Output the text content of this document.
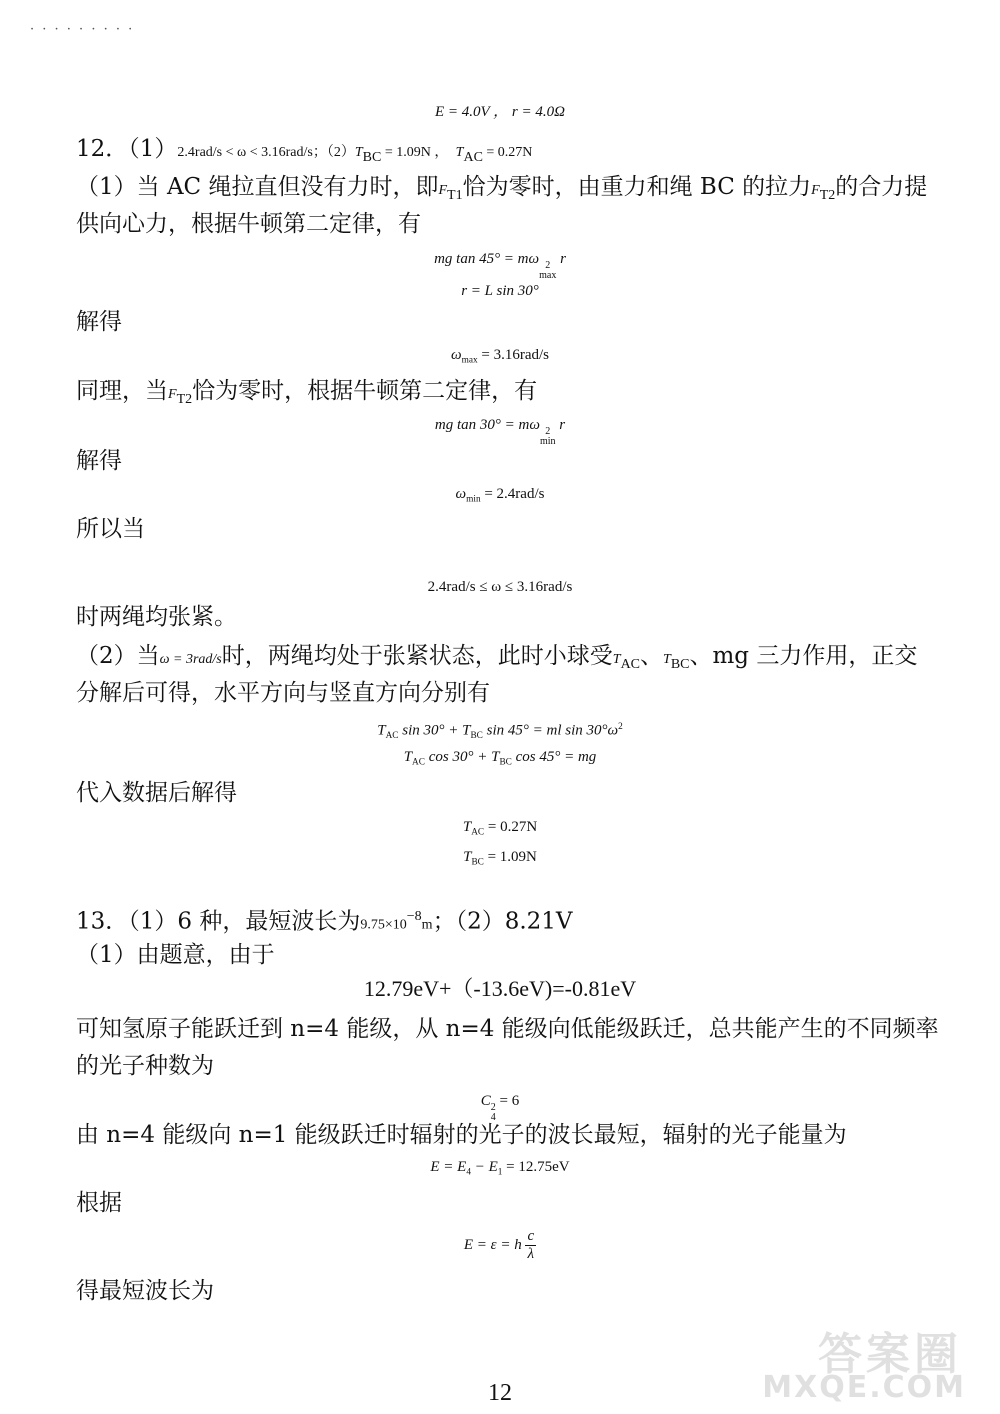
· · · · · · · · ·
E = 4.0V ， r = 4.0Ω
12．（1）2.4rad/s < ω < 3.16rad/s；$(2)T_{BC} = 1.09N$ ， $T_{AC} = 0.27N$
（1）当 AC 绳拉直但没有力时，即$F_{T1}$恰为零时，由重力和绳 BC 的拉力$F_{T2}$的合力提
供向心力，根据牛顿第二定律，有
mg tan 45° = mω 2
max
r
r = L sin 30°
解得
$\omega_{max} = 3.16rad/s$
同理，当$F_{T2}$恰为零时，根据牛顿第二定律，有
mg tan 30° = mω 2
min
r
解得
$\omega_{min} = 2.4rad/s$
所以当
2.4rad/s ≤ ω ≤ 3.16rad/s
时两绳均张紧。
（2）当ω = 3rad/s时，两绳均处于张紧状态，此时小球受$T_{AC}$、$T_{BC}$、mg 三力作用，正交
分解后可得，水平方向与竖直方向分别有
$T_{AC}$ $\sin 30^\circ + T_{BC}$ sin 45° = ml $\sin 30^\circ\omega^2$
$T_{AC}$ $\cos 30^\circ + T_{BC}$ cos 45° = mg
代入数据后解得
$T_{AC} = 0.27N$
$T_{BC} = 1.09N$
13．（1）6 种，最短波长为$9.75\times 10^{-8}m$；（2）8.21V
（1）由题意，由于
12.79eV+（-13.6eV)=-0.81eV
可知氢原子能跃迁到 n=4 能级，从 n=4 能级向低能级跃迁，总共能产生的不同频率
的光子种数为
C 2
4
= 6
由 n=4 能级向 n=1 能级跃迁时辐射的光子的波长最短，辐射的光子能量为
$E = E_4 - E_1 = 12.75eV$
根据
E = ε = h $\frac{c}{\lambda}$
得最短波长为
答案圈
MXQE.COM
12
